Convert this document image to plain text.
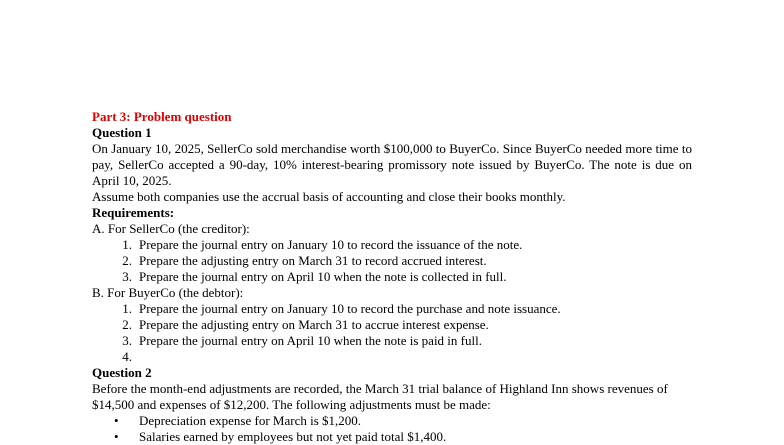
Part 3: Problem question

Question 1

On January 10, 2025, SellerCo sold merchandise worth $100,000 to BuyerCo. Since BuyerCo needed more time to pay, SellerCo accepted a 90-day, 10% interest-bearing promissory note issued by BuyerCo. The note is due on April 10, 2025.

Assume both companies use the accrual basis of accounting and close their books monthly.

Requirements:

A. For SellerCo (the creditor):

1. Prepare the journal entry on January 10 to record the issuance of the note.
2. Prepare the adjusting entry on March 31 to record accrued interest.
3. Prepare the journal entry on April 10 when the note is collected in full.

B. For BuyerCo (the debtor):

1. Prepare the journal entry on January 10 to record the purchase and note issuance.
2. Prepare the adjusting entry on March 31 to accrue interest expense.
3. Prepare the journal entry on April 10 when the note is paid in full.
4.

Question 2

Before the month-end adjustments are recorded, the March 31 trial balance of Highland Inn shows revenues of $14,500 and expenses of $12,200. The following adjustments must be made:

• Depreciation expense for March is $1,200.
• Salaries earned by employees but not yet paid total $1,400.
